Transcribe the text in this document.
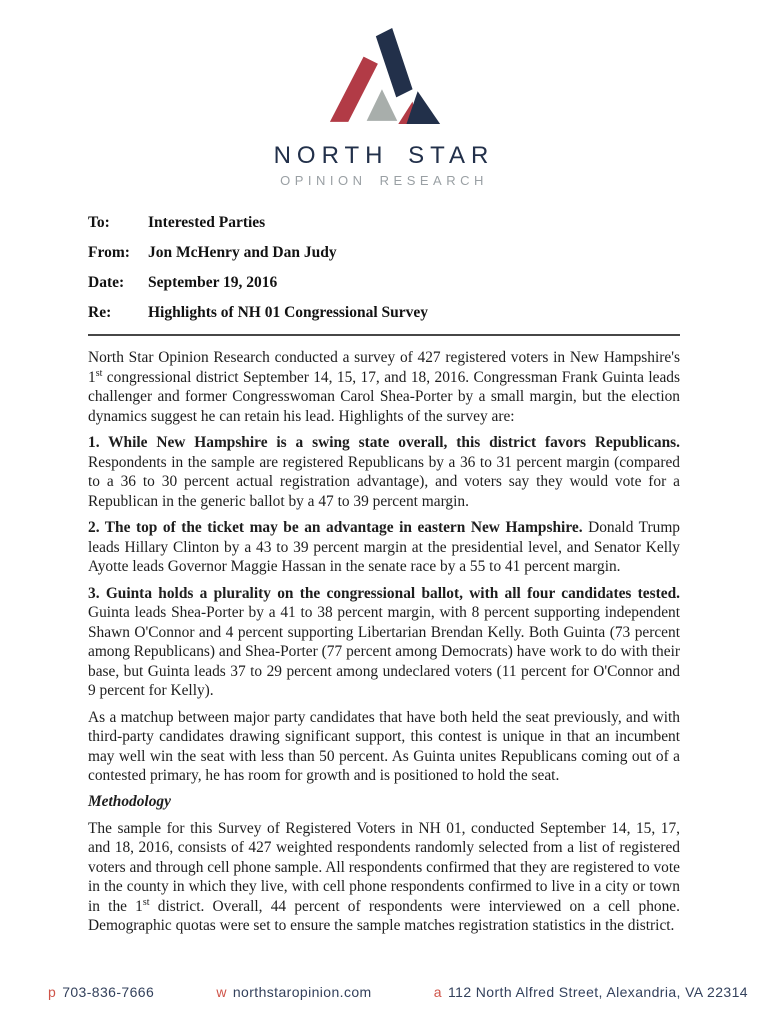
NORTH STAR
OPINION RESEARCH
To:	Interested Parties
From:	Jon McHenry and Dan Judy
Date:	September 19, 2016
Re:	Highlights of NH 01 Congressional Survey

North Star Opinion Research conducted a survey of 427 registered voters in New Hampshire's 1st congressional district September 14, 15, 17, and 18, 2016. Congressman Frank Guinta leads challenger and former Congresswoman Carol Shea-Porter by a small margin, but the election dynamics suggest he can retain his lead. Highlights of the survey are:

1. While New Hampshire is a swing state overall, this district favors Republicans. Respondents in the sample are registered Republicans by a 36 to 31 percent margin (compared to a 36 to 30 percent actual registration advantage), and voters say they would vote for a Republican in the generic ballot by a 47 to 39 percent margin.

2. The top of the ticket may be an advantage in eastern New Hampshire. Donald Trump leads Hillary Clinton by a 43 to 39 percent margin at the presidential level, and Senator Kelly Ayotte leads Governor Maggie Hassan in the senate race by a 55 to 41 percent margin.

3. Guinta holds a plurality on the congressional ballot, with all four candidates tested. Guinta leads Shea-Porter by a 41 to 38 percent margin, with 8 percent supporting independent Shawn O'Connor and 4 percent supporting Libertarian Brendan Kelly. Both Guinta (73 percent among Republicans) and Shea-Porter (77 percent among Democrats) have work to do with their base, but Guinta leads 37 to 29 percent among undeclared voters (11 percent for O'Connor and 9 percent for Kelly).

As a matchup between major party candidates that have both held the seat previously, and with third-party candidates drawing significant support, this contest is unique in that an incumbent may well win the seat with less than 50 percent. As Guinta unites Republicans coming out of a contested primary, he has room for growth and is positioned to hold the seat.

Methodology

The sample for this Survey of Registered Voters in NH 01, conducted September 14, 15, 17, and 18, 2016, consists of 427 weighted respondents randomly selected from a list of registered voters and through cell phone sample. All respondents confirmed that they are registered to vote in the county in which they live, with cell phone respondents confirmed to live in a city or town in the 1st district. Overall, 44 percent of respondents were interviewed on a cell phone. Demographic quotas were set to ensure the sample matches registration statistics in the district.

p 703-836-7666	w northstaropinion.com	a 112 North Alfred Street, Alexandria, VA 22314
